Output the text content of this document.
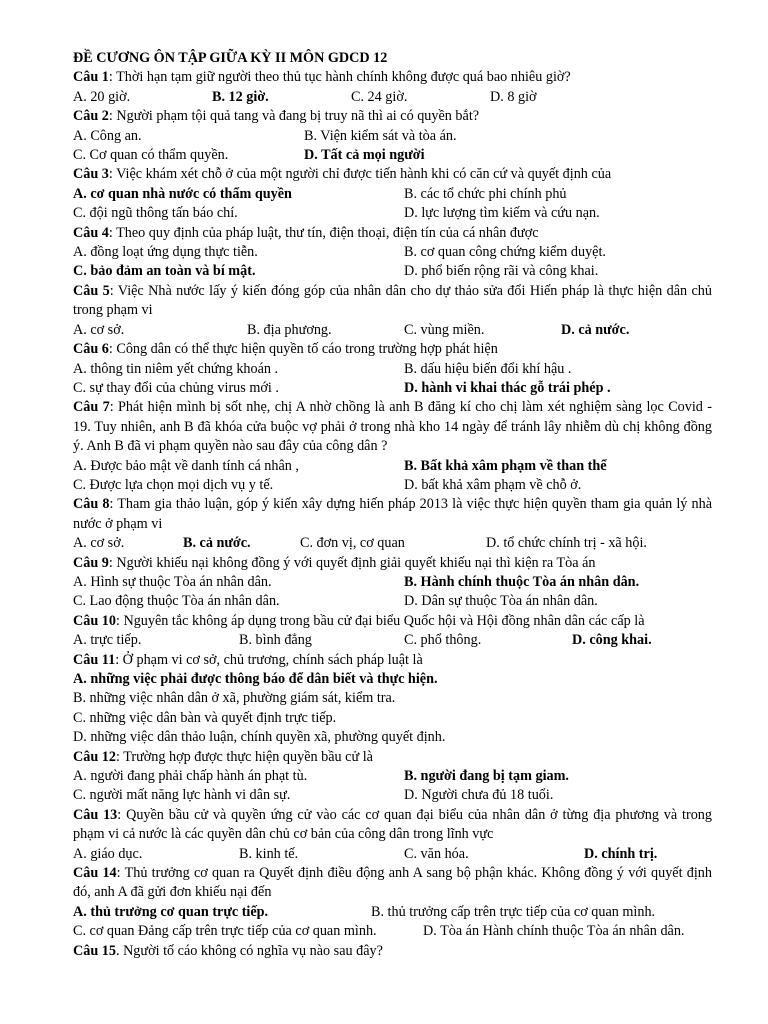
ĐỀ CƯƠNG ÔN TẬP GIỮA KỲ II MÔN GDCD 12
Câu 1: Thời hạn tạm giữ người theo thủ tục hành chính không được quá bao nhiêu giờ?
A. 20 giờ.	B. 12 giờ.	C. 24 giờ.	D. 8 giờ
Câu 2: Người phạm tội quả tang và đang bị truy nã thì ai có quyền bắt?
A. Công an.	B. Viện kiểm sát và tòa án.
C. Cơ quan có thẩm quyền.	D. Tất cả mọi người
Câu 3: Việc khám xét chỗ ở của một người chỉ được tiến hành khi có căn cứ và quyết định của
A. cơ quan nhà nước có thẩm quyền	B. các tổ chức phi chính phủ
C. đội ngũ thông tấn báo chí.	D. lực lượng tìm kiếm và cứu nạn.
Câu 4: Theo quy định của pháp luật, thư tín, điện thoại, điện tín của cá nhân được
A. đồng loạt ứng dụng thực tiễn.	B. cơ quan công chứng kiểm duyệt.
C. bảo đảm an toàn và bí mật.	D. phổ biến rộng rãi và công khai.
Câu 5: Việc Nhà nước lấy ý kiến đóng góp của nhân dân cho dự thảo sửa đổi Hiến pháp là thực hiện dân chủ trong phạm vi
A. cơ sở.	B. địa phương.	C. vùng miền.	D. cả nước.
Câu 6: Công dân có thể thực hiện quyền tố cáo trong trường hợp phát hiện
A. thông tin niêm yết chứng khoán .	B. dấu hiệu biến đổi khí hậu .
C. sự thay đổi của chủng virus mới .	D. hành vi khai thác gỗ trái phép .
Câu 7: Phát hiện mình bị sốt nhẹ, chị A nhờ chồng là anh B đăng kí cho chị làm xét nghiệm sàng lọc Covid - 19. Tuy nhiên, anh B đã khóa cửa buộc vợ phải ở trong nhà kho 14 ngày để tránh lây nhiễm dù chị không đồng ý. Anh B đã vi phạm quyền nào sau đây của công dân ?
A. Được bảo mật về danh tính cá nhân ,	B. Bất khả xâm phạm về than thể
C. Được lựa chọn mọi dịch vụ y tế.	D. bất khả xâm phạm về chỗ ở.
Câu 8: Tham gia thảo luận, góp ý kiến xây dựng hiến pháp 2013 là việc thực hiện quyền tham gia quản lý nhà nước ở phạm vi
A. cơ sở.	B. cả nước.	C. đơn vị, cơ quan	D. tổ chức chính trị - xã hội.
Câu 9: Người khiếu nại không đồng ý với quyết định giải quyết khiếu nại thì kiện ra Tòa án
A. Hình sự thuộc Tòa án nhân dân.	B. Hành chính thuộc Tòa án nhân dân.
C. Lao động thuộc Tòa án nhân dân.	D. Dân sự thuộc Tòa án nhân dân.
Câu 10: Nguyên tắc không áp dụng trong bầu cử đại biểu Quốc hội và Hội đồng nhân dân các cấp là
A. trực tiếp.	B. bình đẳng	C. phổ thông.	D. công khai.
Câu 11: Ở phạm vi cơ sở, chủ trương, chính sách pháp luật là
A. những việc phải được thông báo để dân biết và thực hiện.
B. những việc nhân dân ở xã, phường giám sát, kiểm tra.
C. những việc dân bàn và quyết định trực tiếp.
D. những việc dân thảo luận, chính quyền xã, phường quyết định.
Câu 12: Trường hợp được thực hiện quyền bầu cử là
A. người đang phải chấp hành án phạt tù.	B. người đang bị tạm giam.
C. người mất năng lực hành vi dân sự.	D. Người chưa đủ 18 tuổi.
Câu 13: Quyền bầu cử và quyền ứng cử vào các cơ quan đại biểu của nhân dân ở từng địa phương và trong phạm vi cả nước là các quyền dân chủ cơ bản của công dân trong lĩnh vực
A. giáo dục.	B. kinh tế.	C. văn hóa.	D. chính trị.
Câu 14: Thủ trưởng cơ quan ra Quyết định điều động anh A sang bộ phận khác. Không đồng ý với quyết định đó, anh A đã gửi đơn khiếu nại đến
A. thủ trưởng cơ quan trực tiếp.	B. thủ trưởng cấp trên trực tiếp của cơ quan mình.
C. cơ quan Đảng cấp trên trực tiếp của cơ quan mình.	D. Tòa án Hành chính thuộc Tòa án nhân dân.
Câu 15. Người tố cáo không có nghĩa vụ nào sau đây?
